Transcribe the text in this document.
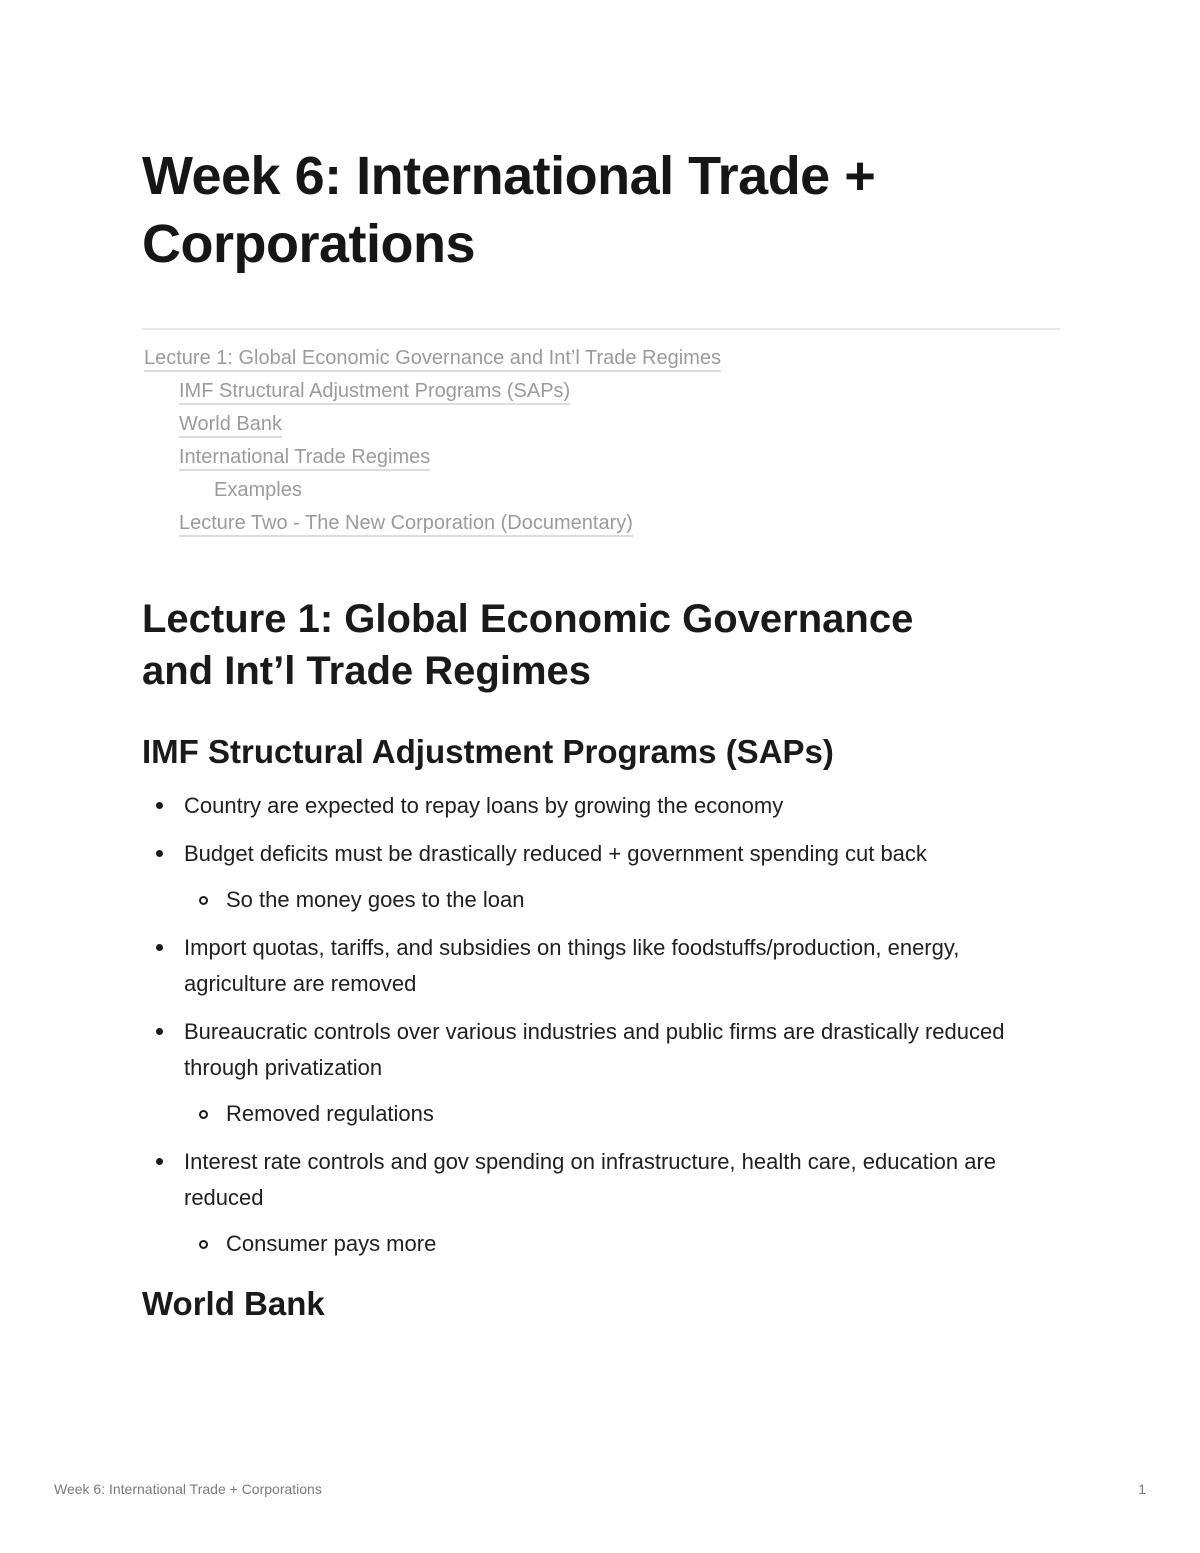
Week 6: International Trade +
Corporations
Lecture 1: Global Economic Governance and Int’l Trade Regimes
IMF Structural Adjustment Programs (SAPs)
World Bank
International Trade Regimes
Examples
Lecture Two - The New Corporation (Documentary)
Lecture 1: Global Economic Governance
and Int’l Trade Regimes
IMF Structural Adjustment Programs (SAPs)
Country are expected to repay loans by growing the economy
Budget deficits must be drastically reduced + government spending cut back
So the money goes to the loan
Import quotas, tariffs, and subsidies on things like foodstuffs/production, energy, agriculture are removed
Bureaucratic controls over various industries and public firms are drastically reduced through privatization
Removed regulations
Interest rate controls and gov spending on infrastructure, health care, education are reduced
Consumer pays more
World Bank
Week 6: International Trade + Corporations	1
